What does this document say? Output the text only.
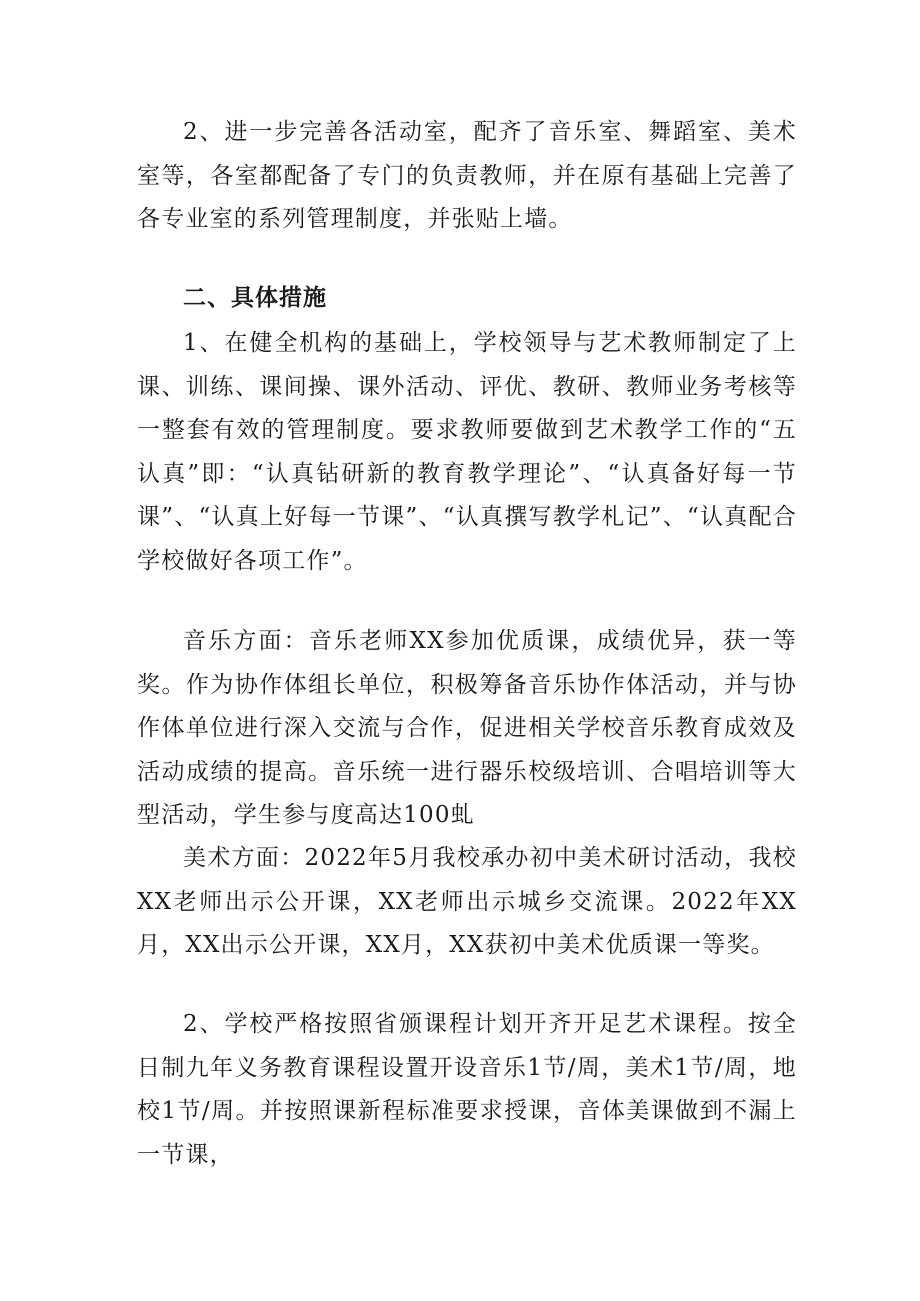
2、进一步完善各活动室，配齐了音乐室、舞蹈室、美术室等，各室都配备了专门的负责教师，并在原有基础上完善了各专业室的系列管理制度，并张贴上墙。

二、具体措施

1、在健全机构的基础上，学校领导与艺术教师制定了上课、训练、课间操、课外活动、评优、教研、教师业务考核等一整套有效的管理制度。要求教师要做到艺术教学工作的“五认真”即：“认真钻研新的教育教学理论”、“认真备好每一节课”、“认真上好每一节课”、“认真撰写教学札记”、“认真配合学校做好各项工作”。

音乐方面：音乐老师XX参加优质课，成绩优异，获一等奖。作为协作体组长单位，积极筹备音乐协作体活动，并与协作体单位进行深入交流与合作，促进相关学校音乐教育成效及活动成绩的提高。音乐统一进行器乐校级培训、合唱培训等大型活动，学生参与度高达100虬

美术方面：2022年5月我校承办初中美术研讨活动，我校XX老师出示公开课，XX老师出示城乡交流课。2022年XX月，XX出示公开课，XX月，XX获初中美术优质课一等奖。

2、学校严格按照省颁课程计划开齐开足艺术课程。按全日制九年义务教育课程设置开设音乐1节/周，美术1节/周，地校1节/周。并按照课新程标准要求授课，音体美课做到不漏上一节课，
